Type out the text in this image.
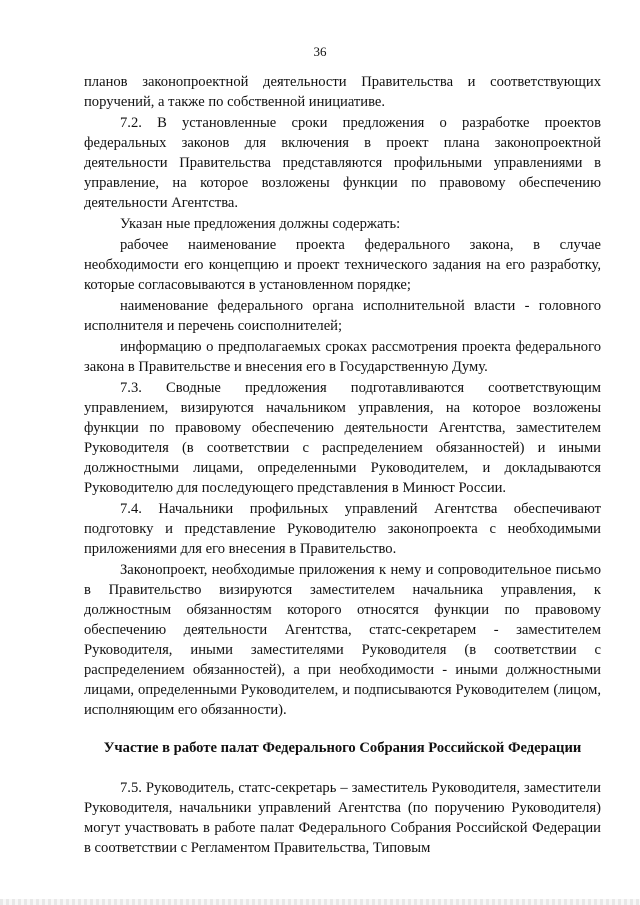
36

планов законопроектной деятельности Правительства и соответствующих поручений, а также по собственной инициативе.

7.2. В установленные сроки предложения о разработке проектов федеральных законов для включения в проект плана законопроектной деятельности Правительства представляются профильными управлениями в управление, на которое возложены функции по правовому обеспечению деятельности Агентства.

Указан ные предложения должны содержать:

рабочее наименование проекта федерального закона, в случае необходимости его концепцию и проект технического задания на его разработку, которые согласовываются в установленном порядке;

наименование федерального органа исполнительной власти - головного исполнителя и перечень соисполнителей;

информацию о предполагаемых сроках рассмотрения проекта федерального закона в Правительстве и внесения его в Государственную Думу.

7.3. Сводные предложения подготавливаются соответствующим управлением, визируются начальником управления, на которое возложены функции по правовому обеспечению деятельности Агентства, заместителем Руководителя (в соответствии с распределением обязанностей) и иными должностными лицами, определенными Руководителем, и докладываются Руководителю для последующего представления в Минюст России.

7.4. Начальники профильных управлений Агентства обеспечивают подготовку и представление Руководителю законопроекта с необходимыми приложениями для его внесения в Правительство.

Законопроект, необходимые приложения к нему и сопроводительное письмо в Правительство визируются заместителем начальника управления, к должностным обязанностям которого относятся функции по правовому обеспечению деятельности Агентства, статс-секретарем - заместителем Руководителя, иными заместителями Руководителя (в соответствии с распределением обязанностей), а при необходимости - иными должностными лицами, определенными Руководителем, и подписываются Руководителем (лицом, исполняющим его обязанности).

Участие в работе палат Федерального Собрания Российской Федерации

7.5. Руководитель, статс-секретарь – заместитель Руководителя, заместители Руководителя, начальники управлений Агентства (по поручению Руководителя) могут участвовать в работе палат Федерального Собрания Российской Федерации в соответствии с Регламентом Правительства, Типовым
